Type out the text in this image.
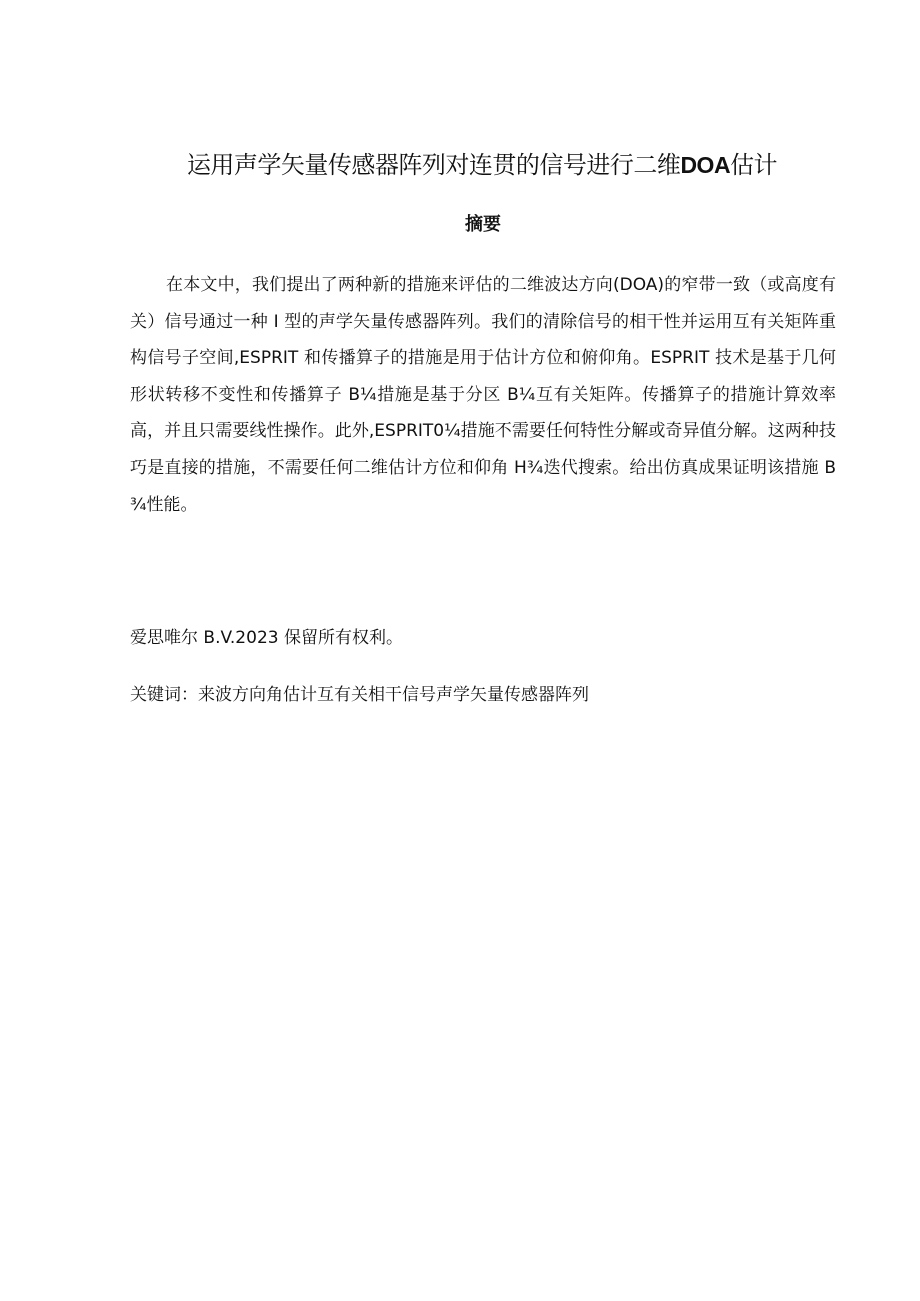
运用声学矢量传感器阵列对连贯的信号进行二维DOA估计
摘要
在本文中，我们提出了两种新的措施来评估的二维波达方向(DOA)的窄带一致（或高度有关）信号通过一种 I 型的声学矢量传感器阵列。我们的清除信号的相干性并运用互有关矩阵重构信号子空间,ESPRIT 和传播算子的措施是用于估计方位和俯仰角。ESPRIT 技术是基于几何形状转移不变性和传播算子 B¼措施是基于分区 B¼互有关矩阵。传播算子的措施计算效率高，并且只需要线性操作。此外,ESPRIT0¼措施不需要任何特性分解或奇异值分解。这两种技巧是直接的措施，不需要任何二维估计方位和仰角 H¾迭代搜索。给出仿真成果证明该措施 B¾性能。
爱思唯尔 B.V.2023 保留所有权利。
关键词：来波方向角估计互有关相干信号声学矢量传感器阵列
